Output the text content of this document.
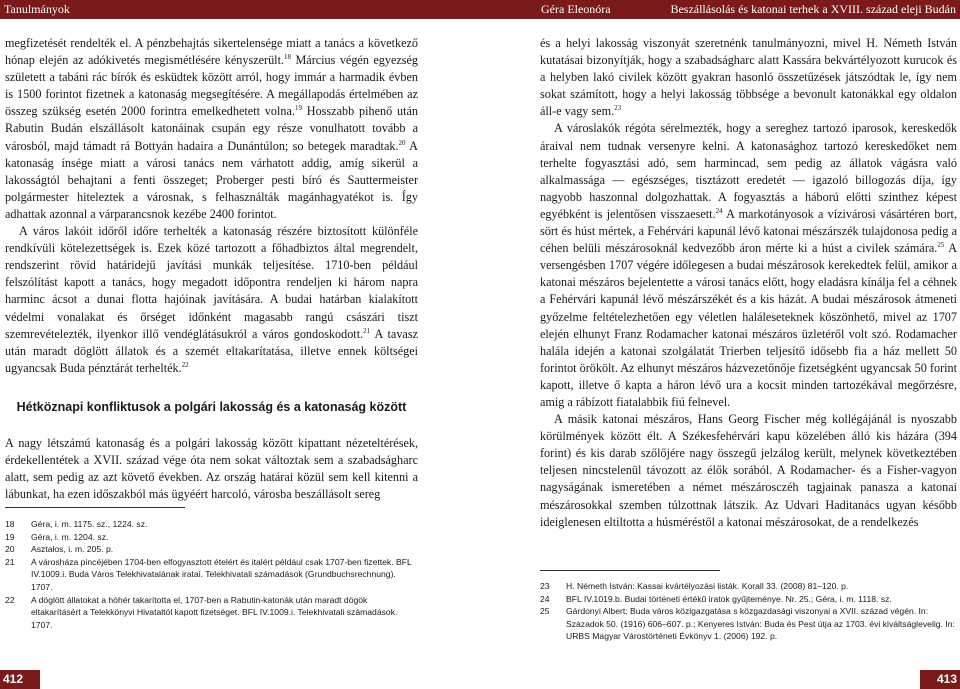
Tanulmányok	Géra Eleonóra	Beszállásolás és katonai terhek a XVIII. század eleji Budán

megfizetését rendelték el. A pénzbehajtás sikertelensége miatt a tanács a következő hónap elején az adókivetés megismétlésére kényszerült.$^{18}$ Március végén egyezség született a tabáni rác bírók és esküdtek között arról, hogy immár a harmadik évben is 1500 forintot fizetnek a katonaság megsegítésére. A megállapodás értelmében az összeg szükség esetén 2000 forintra emelkedhetett volna.$^{19}$ Hosszabb pihenő után Rabutin Budán elszállásolt katonáinak csupán egy része vonulhatott tovább a városból, majd támadt rá Bottyán hadaira a Dunántúlon; so betegek maradtak.$^{20}$ A katonaság ínsége miatt a városi tanács nem várhatott addig, amíg sikerül a lakosságtól behajtani a fenti összeget; Proberger pesti bíró és Sauttermeister polgármester hiteleztek a városnak, s felhasználták magánhagyatékot is. Így adhattak azonnal a várparancsnok kezébe 2400 forintot.

A város lakóit időről időre terhelték a katonaság részére biztosított különféle rendkívüli kötelezettségek is. Ezek közé tartozott a főhadbiztos által megrendelt, rendszerint rövid határidejű javítási munkák teljesítése. 1710-ben például felszólítást kapott a tanács, hogy megadott időpontra rendeljen ki három napra harminc ácsot a dunai flotta hajóinak javítására. A budai határban kialakított védelmi vonalakat és őrséget időnként magasabb rangú császári tiszt szemrevételezték, ilyenkor illő vendéglátásukról a város gondoskodott.$^{21}$ A tavasz után maradt döglött állatok és a szemét eltakarítatása, illetve ennek költségei ugyancsak Buda pénztárát terhelték.$^{22}$

Hétköznapi konfliktusok a polgári lakosság és a katonaság között

A nagy létszámú katonaság és a polgári lakosság között kipattant nézeteltérések, érdekellentétek a XVII. század vége óta nem sokat változtak sem a szabadságharc alatt, sem pedig az azt követő években. Az ország határai közül sem kell kitenni a lábunkat, ha ezen időszakból más ügyéért harcoló, városba beszállásolt sereg

és a helyi lakosság viszonyát szeretnénk tanulmányozni, mivel H. Németh István kutatásai bizonyítják, hogy a szabadságharc alatt Kassára bekvártélyozott kurucok és a helyben lakó civilek között gyakran hasonló összetűzések játszódtak le, így nem sokat számított, hogy a helyi lakosság többsége a bevonult katonákkal egy oldalon áll-e vagy sem.$^{23}$

A városlakók régóta sérelmezték, hogy a sereghez tartozó iparosok, kereskedők áraival nem tudnak versenyre kelni. A katonasághoz tartozó kereskedőket nem terhelte fogyasztási adó, sem harmincad, sem pedig az állatok vágásra való alkalmassága — egészséges, tisztázott eredetét — igazoló billogozás díja, így nagyobb haszonnal dolgozhattak. A fogyasztás a háború előtti szinthez képest egyébként is jelentősen visszaesett.$^{24}$ A markotányosok a vízivárosi vásártéren bort, sört és húst mértek, a Fehérvári kapunál lévő katonai mészárszék tulajdonosa pedig a céhen belüli mészárosoknál kedvezőbb áron mérte ki a húst a civilek számára.$^{25}$ A versengésben 1707 végére időlegesen a budai mészárosok kerekedtek felül, amikor a katonai mészáros bejelentette a városi tanács előtt, hogy eladásra kínálja fel a céhnek a Fehérvári kapunál lévő mészárszékét és a kis házát. A budai mészárosok átmeneti győzelme feltételezhetően egy véletlen haláleseteknek köszönhető, mivel az 1707 elején elhunyt Franz Rodamacher katonai mészáros üzletéről volt szó. Rodamacher halála idején a katonai szolgálatát Trierben teljesítő idősebb fia a ház mellett 50 forintot örökölt. Az elhunyt mészáros házvezetőnője fizetségként ugyancsak 50 forint kapott, illetve ő kapta a háron lévő ura a kocsit minden tartozékával megőrzésre, amig a rábízott fiatalabbik fiú felnevel.

A másik katonai mészáros, Hans Georg Fischer még kollégájánál is nyoszabb körülmények között élt. A Székesfehérvári kapu közelében álló kis házára (394 forint) és kis darab szőlőjére nagy összegű jelzálog került, melynek következtében teljesen nincstelenül távozott az élők sorából. A Rodamacher- és a Fisher-vagyon nagyságának ismeretében a német mészárosczéh tagjainak panasza a katonai mészárosokkal szemben túlzottnak látszik. Az Udvari Haditanács ugyan később ideiglenesen eltiltotta a húsméréstől a katonai mészárosokat, de a rendelkezés

18	Géra, i. m. 1175. sz., 1224. sz.
19	Géra, i. m. 1204. sz.
20	Asztalos, i. m. 205. p.
21	A városháza pincéjében 1704-ben elfogyasztott ételért és italért például csak 1707-ben fizettek. BFL IV.1009.i. Buda Város Telekhivatalának iratai. Telekhivatali számadások (Grundbuchsrechnung). 1707.
22	A döglött állatokat a hóhér takarította el, 1707-ben a Rabutin-katonák után maradt dögök eltakarításért a Telekkönyvi Hivataltól kapott fizetséget. BFL IV.1009.i. Telekhivatali számadások. 1707.
23	H. Németh István: Kassai kvártélyozási listák. Korall 33. (2008) 81–120. p.
24	BFL IV.1019.b. Budai történeti értékű iratok gyűjteménye. Nr. 25.; Géra, i. m. 1118. sz.
25	Gárdonyi Albert: Buda város közigazgatása s közgazdasági viszonyai a XVII. század végén. In: Századok 50. (1916) 606–607. p.; Kenyeres István: Buda és Pest útja az 1703. évi kiváltságlevelig. In: URBS Magyar Várostörténeti Évkönyv 1. (2006) 192. p.
412	413
